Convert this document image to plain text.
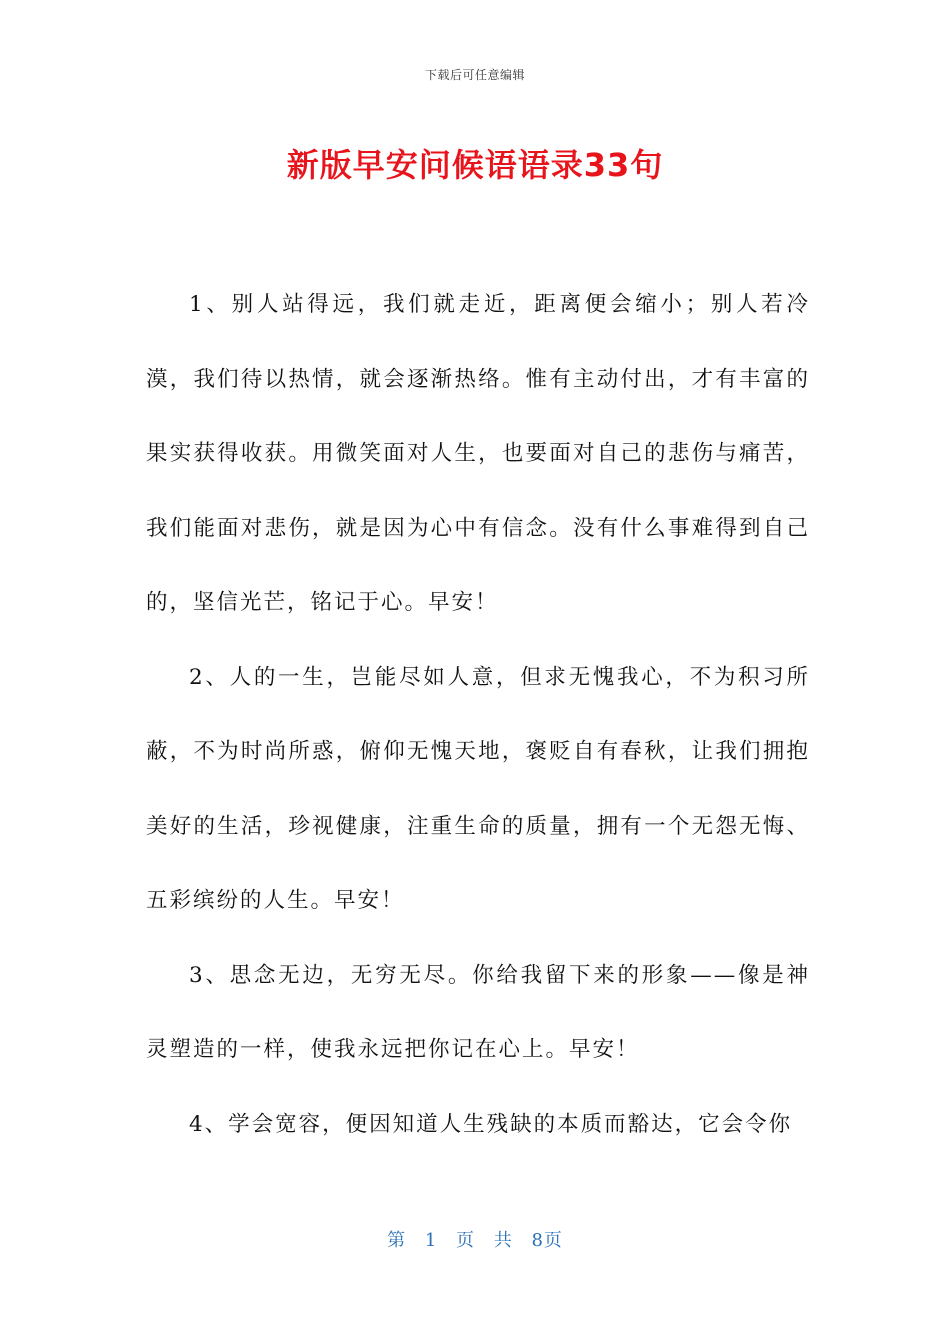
下载后可任意编辑
新版早安问候语语录33句

1、别人站得远，我们就走近，距离便会缩小；别人若冷漠，我们待以热情，就会逐渐热络。惟有主动付出，才有丰富的果实获得收获。用微笑面对人生，也要面对自己的悲伤与痛苦，我们能面对悲伤，就是因为心中有信念。没有什么事难得到自己的，坚信光芒，铭记于心。早安！

2、人的一生，岂能尽如人意，但求无愧我心，不为积习所蔽，不为时尚所惑，俯仰无愧天地，褒贬自有春秋，让我们拥抱美好的生活，珍视健康，注重生命的质量，拥有一个无怨无悔、五彩缤纷的人生。早安！

3、思念无边，无穷无尽。你给我留下来的形象——像是神灵塑造的一样，使我永远把你记在心上。早安！

4、学会宽容，便因知道人生残缺的本质而豁达，它会令你

第 1 页 共 8页
